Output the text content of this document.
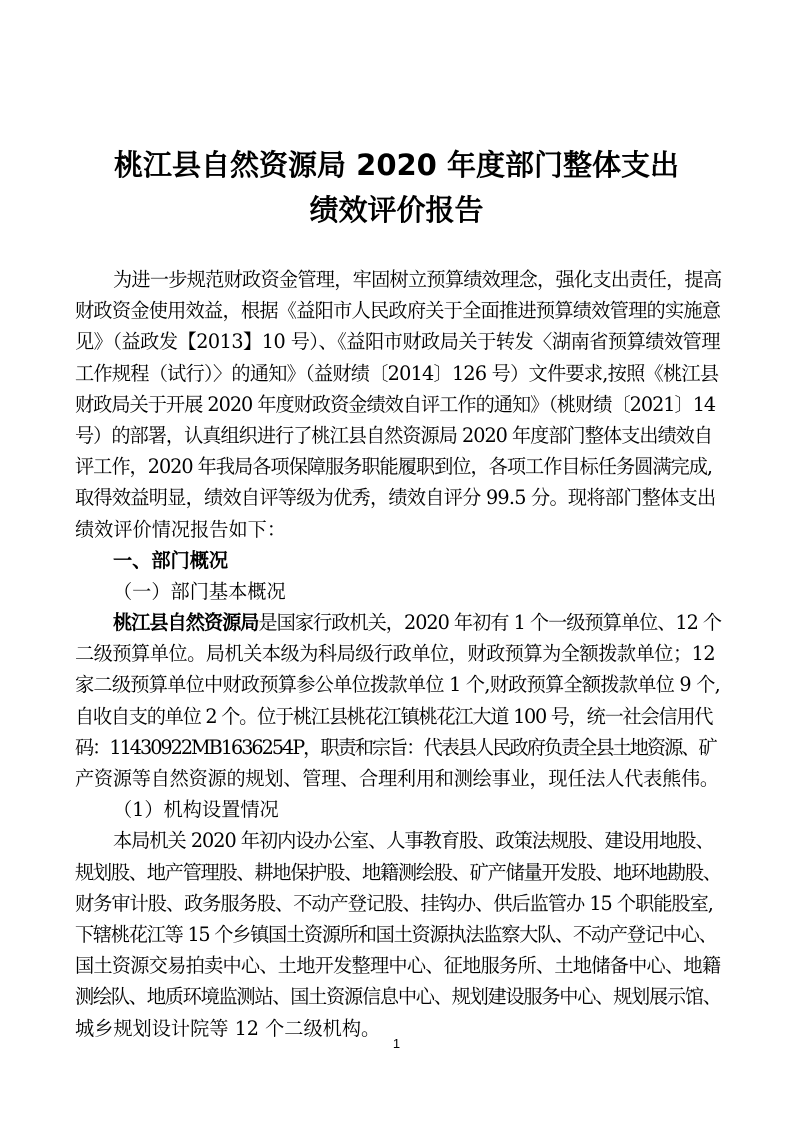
桃江县自然资源局 2020 年度部门整体支出
绩效评价报告
为进一步规范财政资金管理，牢固树立预算绩效理念，强化支出责任，提高
财政资金使用效益，根据《益阳市人民政府关于全面推进预算绩效管理的实施意
见》（益政发【2013】10 号）、《益阳市财政局关于转发〈湖南省预算绩效管理
工作规程（试行）〉的通知》（益财绩〔2014〕126 号）文件要求,按照《桃江县
财政局关于开展 2020 年度财政资金绩效自评工作的通知》（桃财绩〔2021〕14
号）的部署，认真组织进行了桃江县自然资源局 2020 年度部门整体支出绩效自
评工作，2020 年我局各项保障服务职能履职到位，各项工作目标任务圆满完成,
取得效益明显，绩效自评等级为优秀，绩效自评分 99.5 分。现将部门整体支出
绩效评价情况报告如下：
一、部门概况
（一）部门基本概况
桃江县自然资源局是国家行政机关，2020 年初有 1 个一级预算单位、12 个
二级预算单位。局机关本级为科局级行政单位，财政预算为全额拨款单位；12
家二级预算单位中财政预算参公单位拨款单位 1 个,财政预算全额拨款单位 9 个,
自收自支的单位 2 个。位于桃江县桃花江镇桃花江大道 100 号，统一社会信用代
码：11430922MB1636254P，职责和宗旨：代表县人民政府负责全县土地资源、矿
产资源等自然资源的规划、管理、合理利用和测绘事业，现任法人代表熊伟。
（1）机构设置情况
本局机关 2020 年初内设办公室、人事教育股、政策法规股、建设用地股、
规划股、地产管理股、耕地保护股、地籍测绘股、矿产储量开发股、地环地勘股、
财务审计股、政务服务股、不动产登记股、挂钩办、供后监管办 15 个职能股室,
下辖桃花江等 15 个乡镇国土资源所和国土资源执法监察大队、不动产登记中心、
国土资源交易拍卖中心、土地开发整理中心、征地服务所、土地储备中心、地籍
测绘队、地质环境监测站、国土资源信息中心、规划建设服务中心、规划展示馆、
城乡规划设计院等 12 个二级机构。
1
